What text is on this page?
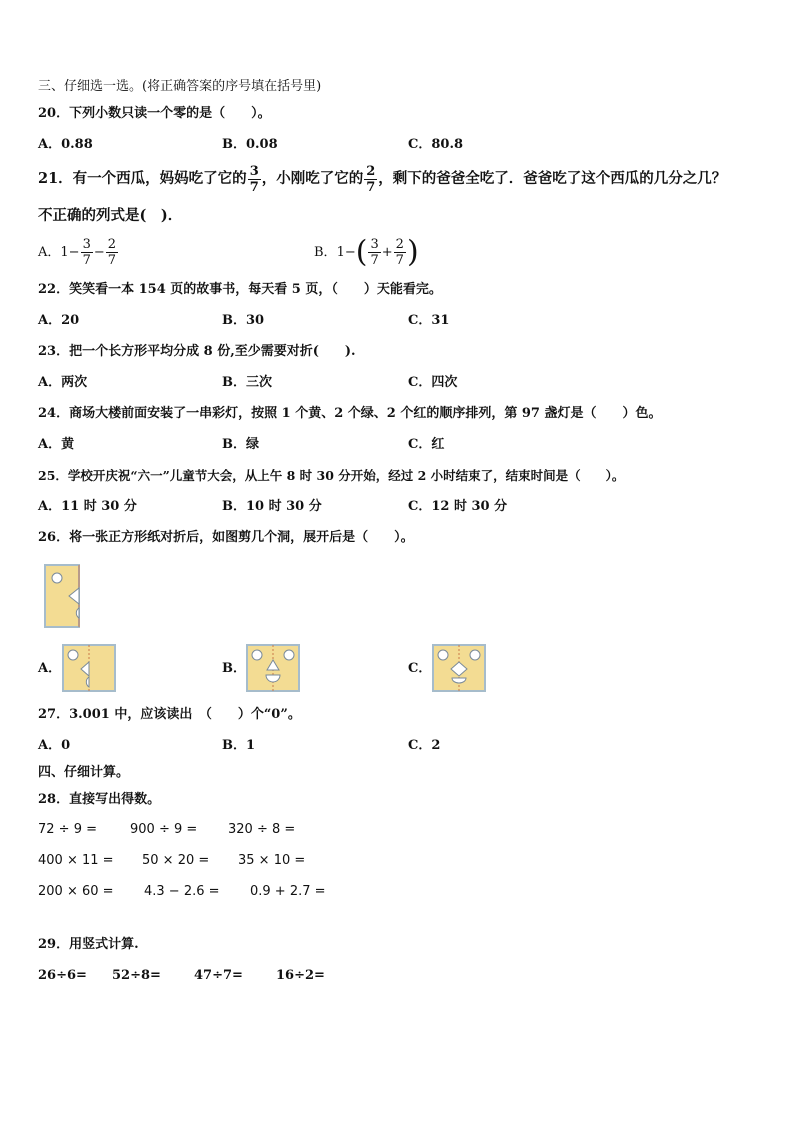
三、仔细选一选。(将正确答案的序号填在括号里)
20．下列小数只读一个零的是（　　）。
A．0.88	B．0.08	C．80.8
21．有一个西瓜，妈妈吃了它的 $\frac{3}{7}$ ，小刚吃了它的 $\frac{2}{7}$ ，剩下的爸爸全吃了．爸爸吃了这个西瓜的几分之几？
不正确的列式是(　)．
A．$1- \frac{3}{7} - \frac{2}{7}$	B．$1-( \frac{3}{7} + \frac{2}{7}$ )
22．笑笑看一本 154 页的故事书，每天看 5 页，（　　）天能看完。
A．20	B．30	C．31
23．把一个长方形平均分成 8 份,至少需要对折(　　).
A．两次	B．三次	C．四次
24．商场大楼前面安装了一串彩灯，按照 1 个黄、2 个绿、2 个红的顺序排列，第 97 盏灯是（　　）色。
A．黄	B．绿	C．红
25．学校开庆祝“六一”儿童节大会，从上午 8 时 30 分开始，经过 2 小时结束了，结束时间是（　　）。
A．11 时 30 分	B．10 时 30 分	C．12 时 30 分
26．将一张正方形纸对折后，如图剪几个洞，展开后是（　　）。
A．	B．	C．
27．3.001 中，应该读出　（　　）个“0”。
A．0	B．1	C．2
四、仔细计算。
28．直接写出得数。
72 ÷ 9 =	900 ÷ 9 = 320 ÷ 8 =
400 × 11 = 50 × 20 = 35 × 10 =
200 × 60 = 4.3 − 2.6 = 0.9 + 2.7 =
29．用竖式计算.
26÷6= 52÷8=	47÷7=	16÷2=
